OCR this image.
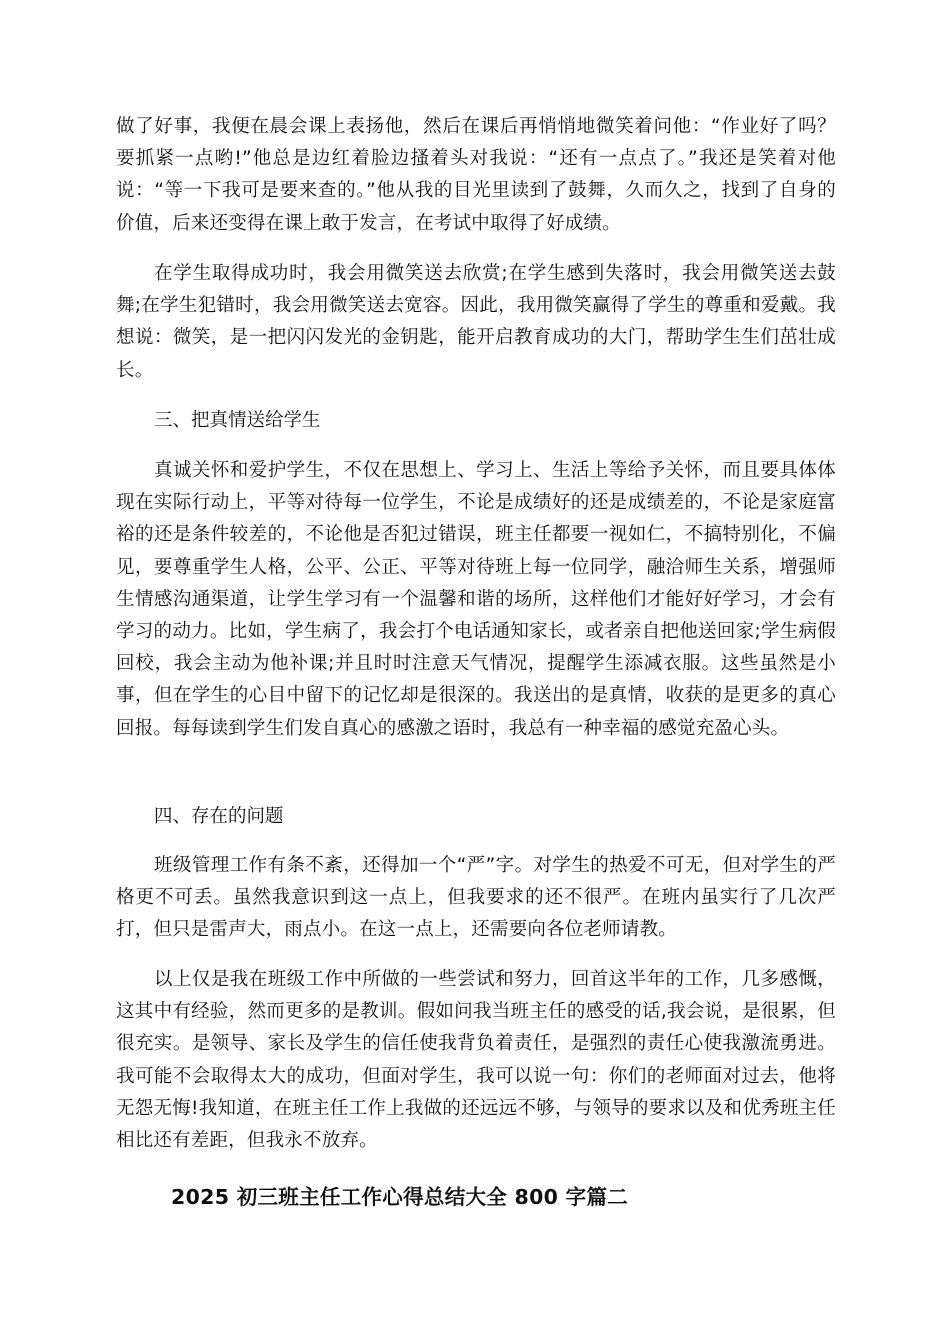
做了好事，我便在晨会课上表扬他，然后在课后再悄悄地微笑着问他：“作业好了吗？要抓紧一点哟!”他总是边红着脸边搔着头对我说：“还有一点点了。”我还是笑着对他说：“等一下我可是要来查的。”他从我的目光里读到了鼓舞，久而久之，找到了自身的价值，后来还变得在课上敢于发言，在考试中取得了好成绩。

在学生取得成功时，我会用微笑送去欣赏;在学生感到失落时，我会用微笑送去鼓舞;在学生犯错时，我会用微笑送去宽容。因此，我用微笑赢得了学生的尊重和爱戴。我想说：微笑，是一把闪闪发光的金钥匙，能开启教育成功的大门，帮助学生生们茁壮成长。

三、把真情送给学生

真诚关怀和爱护学生，不仅在思想上、学习上、生活上等给予关怀，而且要具体体现在实际行动上，平等对待每一位学生，不论是成绩好的还是成绩差的，不论是家庭富裕的还是条件较差的，不论他是否犯过错误，班主任都要一视如仁，不搞特别化，不偏见，要尊重学生人格，公平、公正、平等对待班上每一位同学，融洽师生关系，增强师生情感沟通渠道，让学生学习有一个温馨和谐的场所，这样他们才能好好学习，才会有学习的动力。比如，学生病了，我会打个电话通知家长，或者亲自把他送回家;学生病假回校，我会主动为他补课;并且时时注意天气情况，提醒学生添减衣服。这些虽然是小事，但在学生的心目中留下的记忆却是很深的。我送出的是真情，收获的是更多的真心回报。每每读到学生们发自真心的感激之语时，我总有一种幸福的感觉充盈心头。

四、存在的问题

班级管理工作有条不紊，还得加一个“严”字。对学生的热爱不可无，但对学生的严格更不可丢。虽然我意识到这一点上，但我要求的还不很严。在班内虽实行了几次严打，但只是雷声大，雨点小。在这一点上，还需要向各位老师请教。

以上仅是我在班级工作中所做的一些尝试和努力，回首这半年的工作，几多感慨，这其中有经验，然而更多的是教训。假如问我当班主任的感受的话,我会说，是很累，但很充实。是领导、家长及学生的信任使我背负着责任，是强烈的责任心使我激流勇进。我可能不会取得太大的成功，但面对学生，我可以说一句：你们的老师面对过去，他将无怨无悔!我知道，在班主任工作上我做的还远远不够，与领导的要求以及和优秀班主任相比还有差距，但我永不放弃。

2025 初三班主任工作心得总结大全 800 字篇二
